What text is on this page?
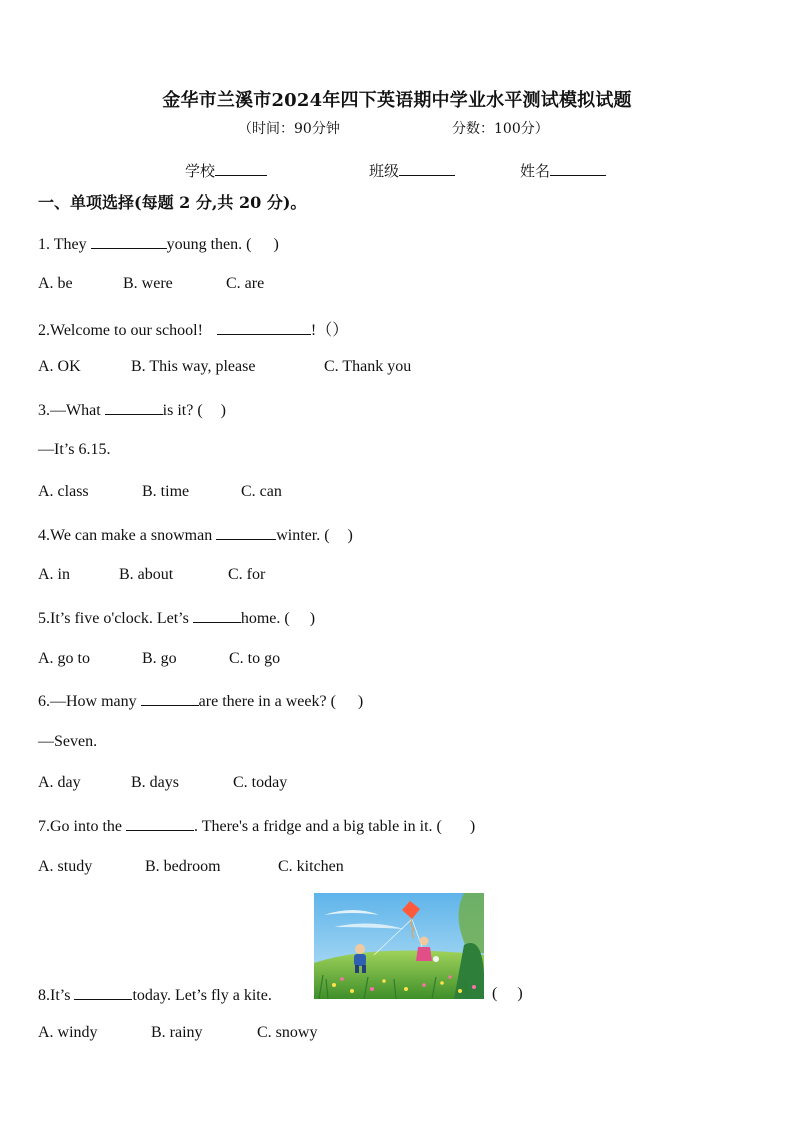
金华市兰溪市2024年四下英语期中学业水平测试模拟试题
（时间：90分钟	分数：100分）
学校	班级	姓名
一、单项选择(每题 2 分,共 20 分)。
1. They	young then. ( )
A. be	B. were	C. are
2.Welcome to our school!	!（）
A. OK	B. This way, please	C. Thank you
3.—What	is it? ( )
—It’s 6.15.
A. class	B. time	C. can
4.We can make a snowman	winter. ( )
A. in	B. about	C. for
5.It’s five o'clock. Let’s	home. ( )
A. go to	B. go	C. to go
6.—How many	are there in a week? ( )
—Seven.
A. day	B. days	C. today
7.Go into the	. There's a fridge and a big table in it. ( )
A. study	B. bedroom	C. kitchen
8.It’s	today. Let’s fly a kite.	( )
A. windy	B. rainy	C. snowy
